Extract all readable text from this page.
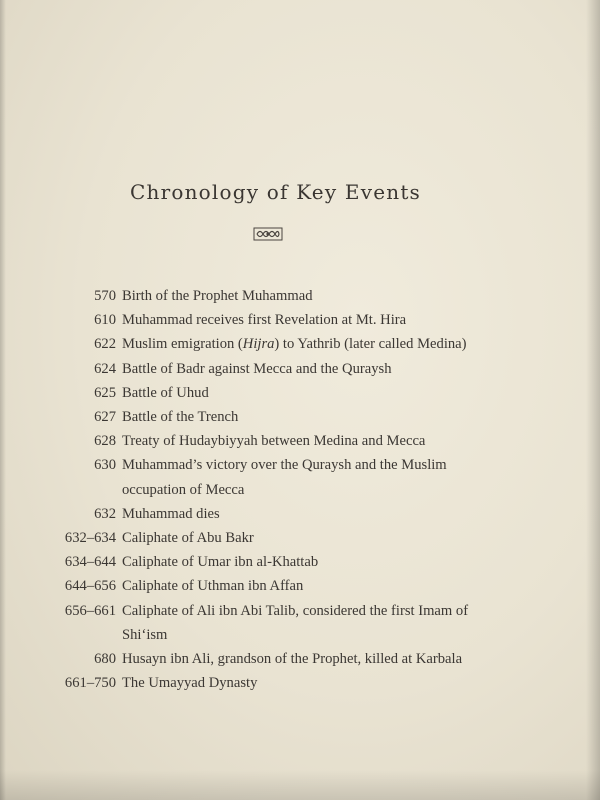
Chronology of Key Events
570 Birth of the Prophet Muhammad
610 Muhammad receives first Revelation at Mt. Hira
622 Muslim emigration (Hijra) to Yathrib (later called Medina)
624 Battle of Badr against Mecca and the Quraysh
625 Battle of Uhud
627 Battle of the Trench
628 Treaty of Hudaybiyyah between Medina and Mecca
630 Muhammad’s victory over the Quraysh and the Muslim occupation of Mecca
632 Muhammad dies
632–634 Caliphate of Abu Bakr
634–644 Caliphate of Umar ibn al-Khattab
644–656 Caliphate of Uthman ibn Affan
656–661 Caliphate of Ali ibn Abi Talib, considered the first Imam of Shi‘ism
680 Husayn ibn Ali, grandson of the Prophet, killed at Karbala
661–750 The Umayyad Dynasty
